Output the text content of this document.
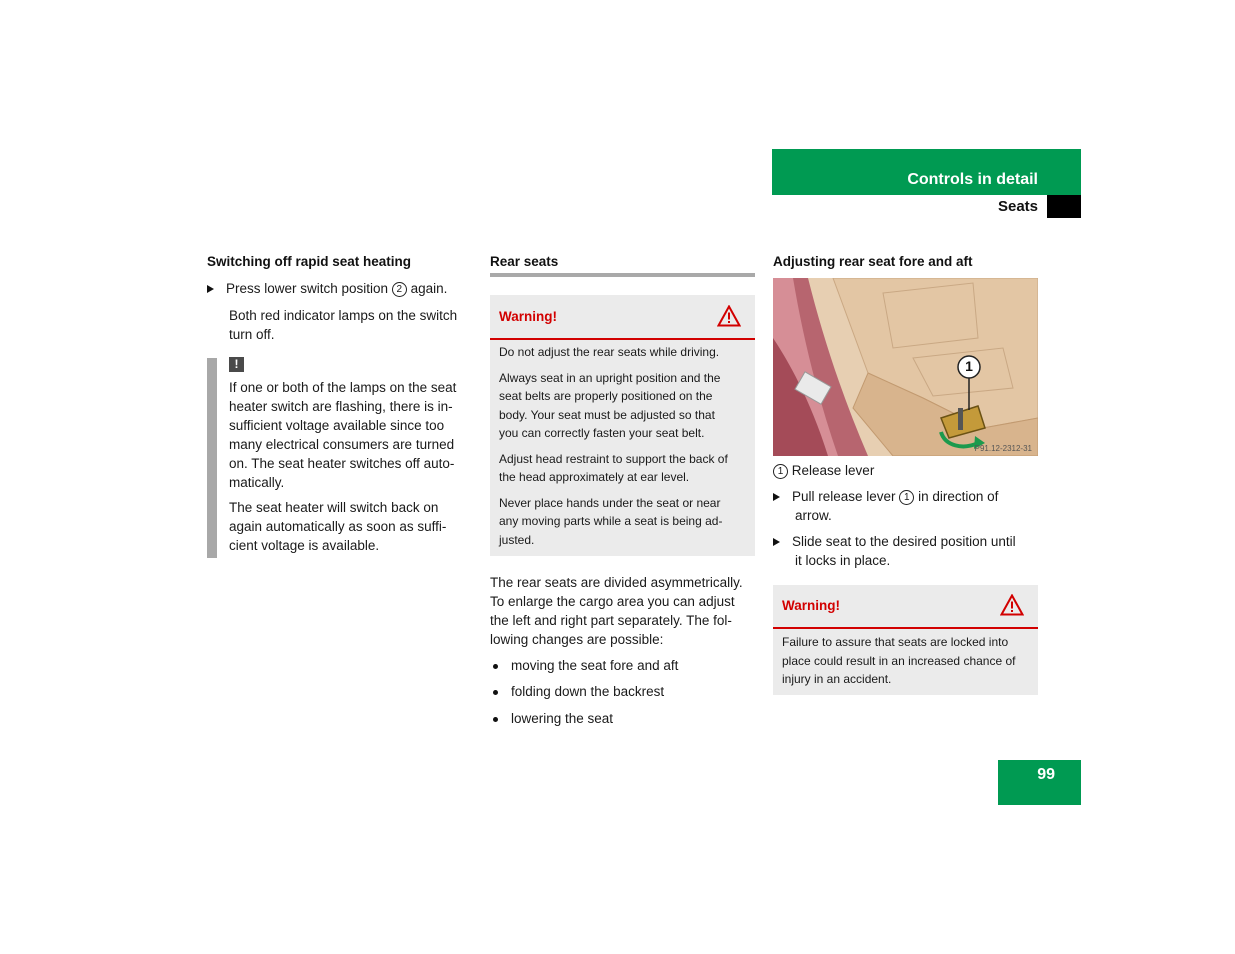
Controls in detail
Seats
Switching off rapid seat heating
Press lower switch position 2 again.
Both red indicator lamps on the switch
turn off.
!
If one or both of the lamps on the seat
heater switch are flashing, there is in-
sufficient voltage available since too
many electrical consumers are turned
on. The seat heater switches off auto-
matically.
The seat heater will switch back on
again automatically as soon as suffi-
cient voltage is available.
Rear seats
Warning!
Do not adjust the rear seats while driving.
Always seat in an upright position and the
seat belts are properly positioned on the
body. Your seat must be adjusted so that
you can correctly fasten your seat belt.
Adjust head restraint to support the back of
the head approximately at ear level.
Never place hands under the seat or near
any moving parts while a seat is being ad-
justed.
The rear seats are divided asymmetrically.
To enlarge the cargo area you can adjust
the left and right part separately. The fol-
lowing changes are possible:
moving the seat fore and aft
folding down the backrest
lowering the seat
Adjusting rear seat fore and aft
1
P91.12-2312-31
1 Release lever
Pull release lever 1 in direction of
arrow.
Slide seat to the desired position until
it locks in place.
Warning!
Failure to assure that seats are locked into
place could result in an increased chance of
injury in an accident.
99
